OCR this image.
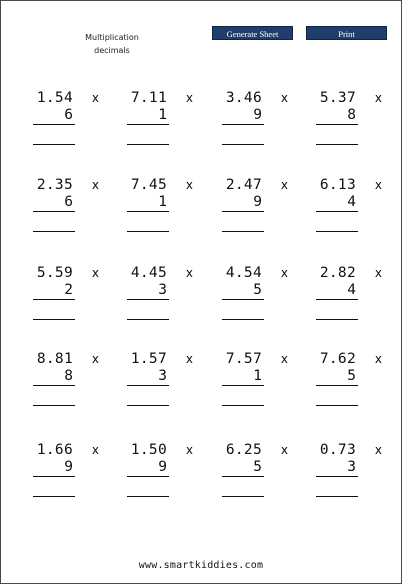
Multiplication
decimals
Generate Sheet	Print
1.54 x
6
7.11 x
1
3.46 x
9
5.37 x
8
2.35 x
6
7.45 x
1
2.47 x
9
6.13 x
4
5.59 x
2
4.45 x
3
4.54 x
5
2.82 x
4
8.81 x
8
1.57 x
3
7.57 x
1
7.62 x
5
1.66 x
9
1.50 x
9
6.25 x
5
0.73 x
3
www.smartkiddies.com
